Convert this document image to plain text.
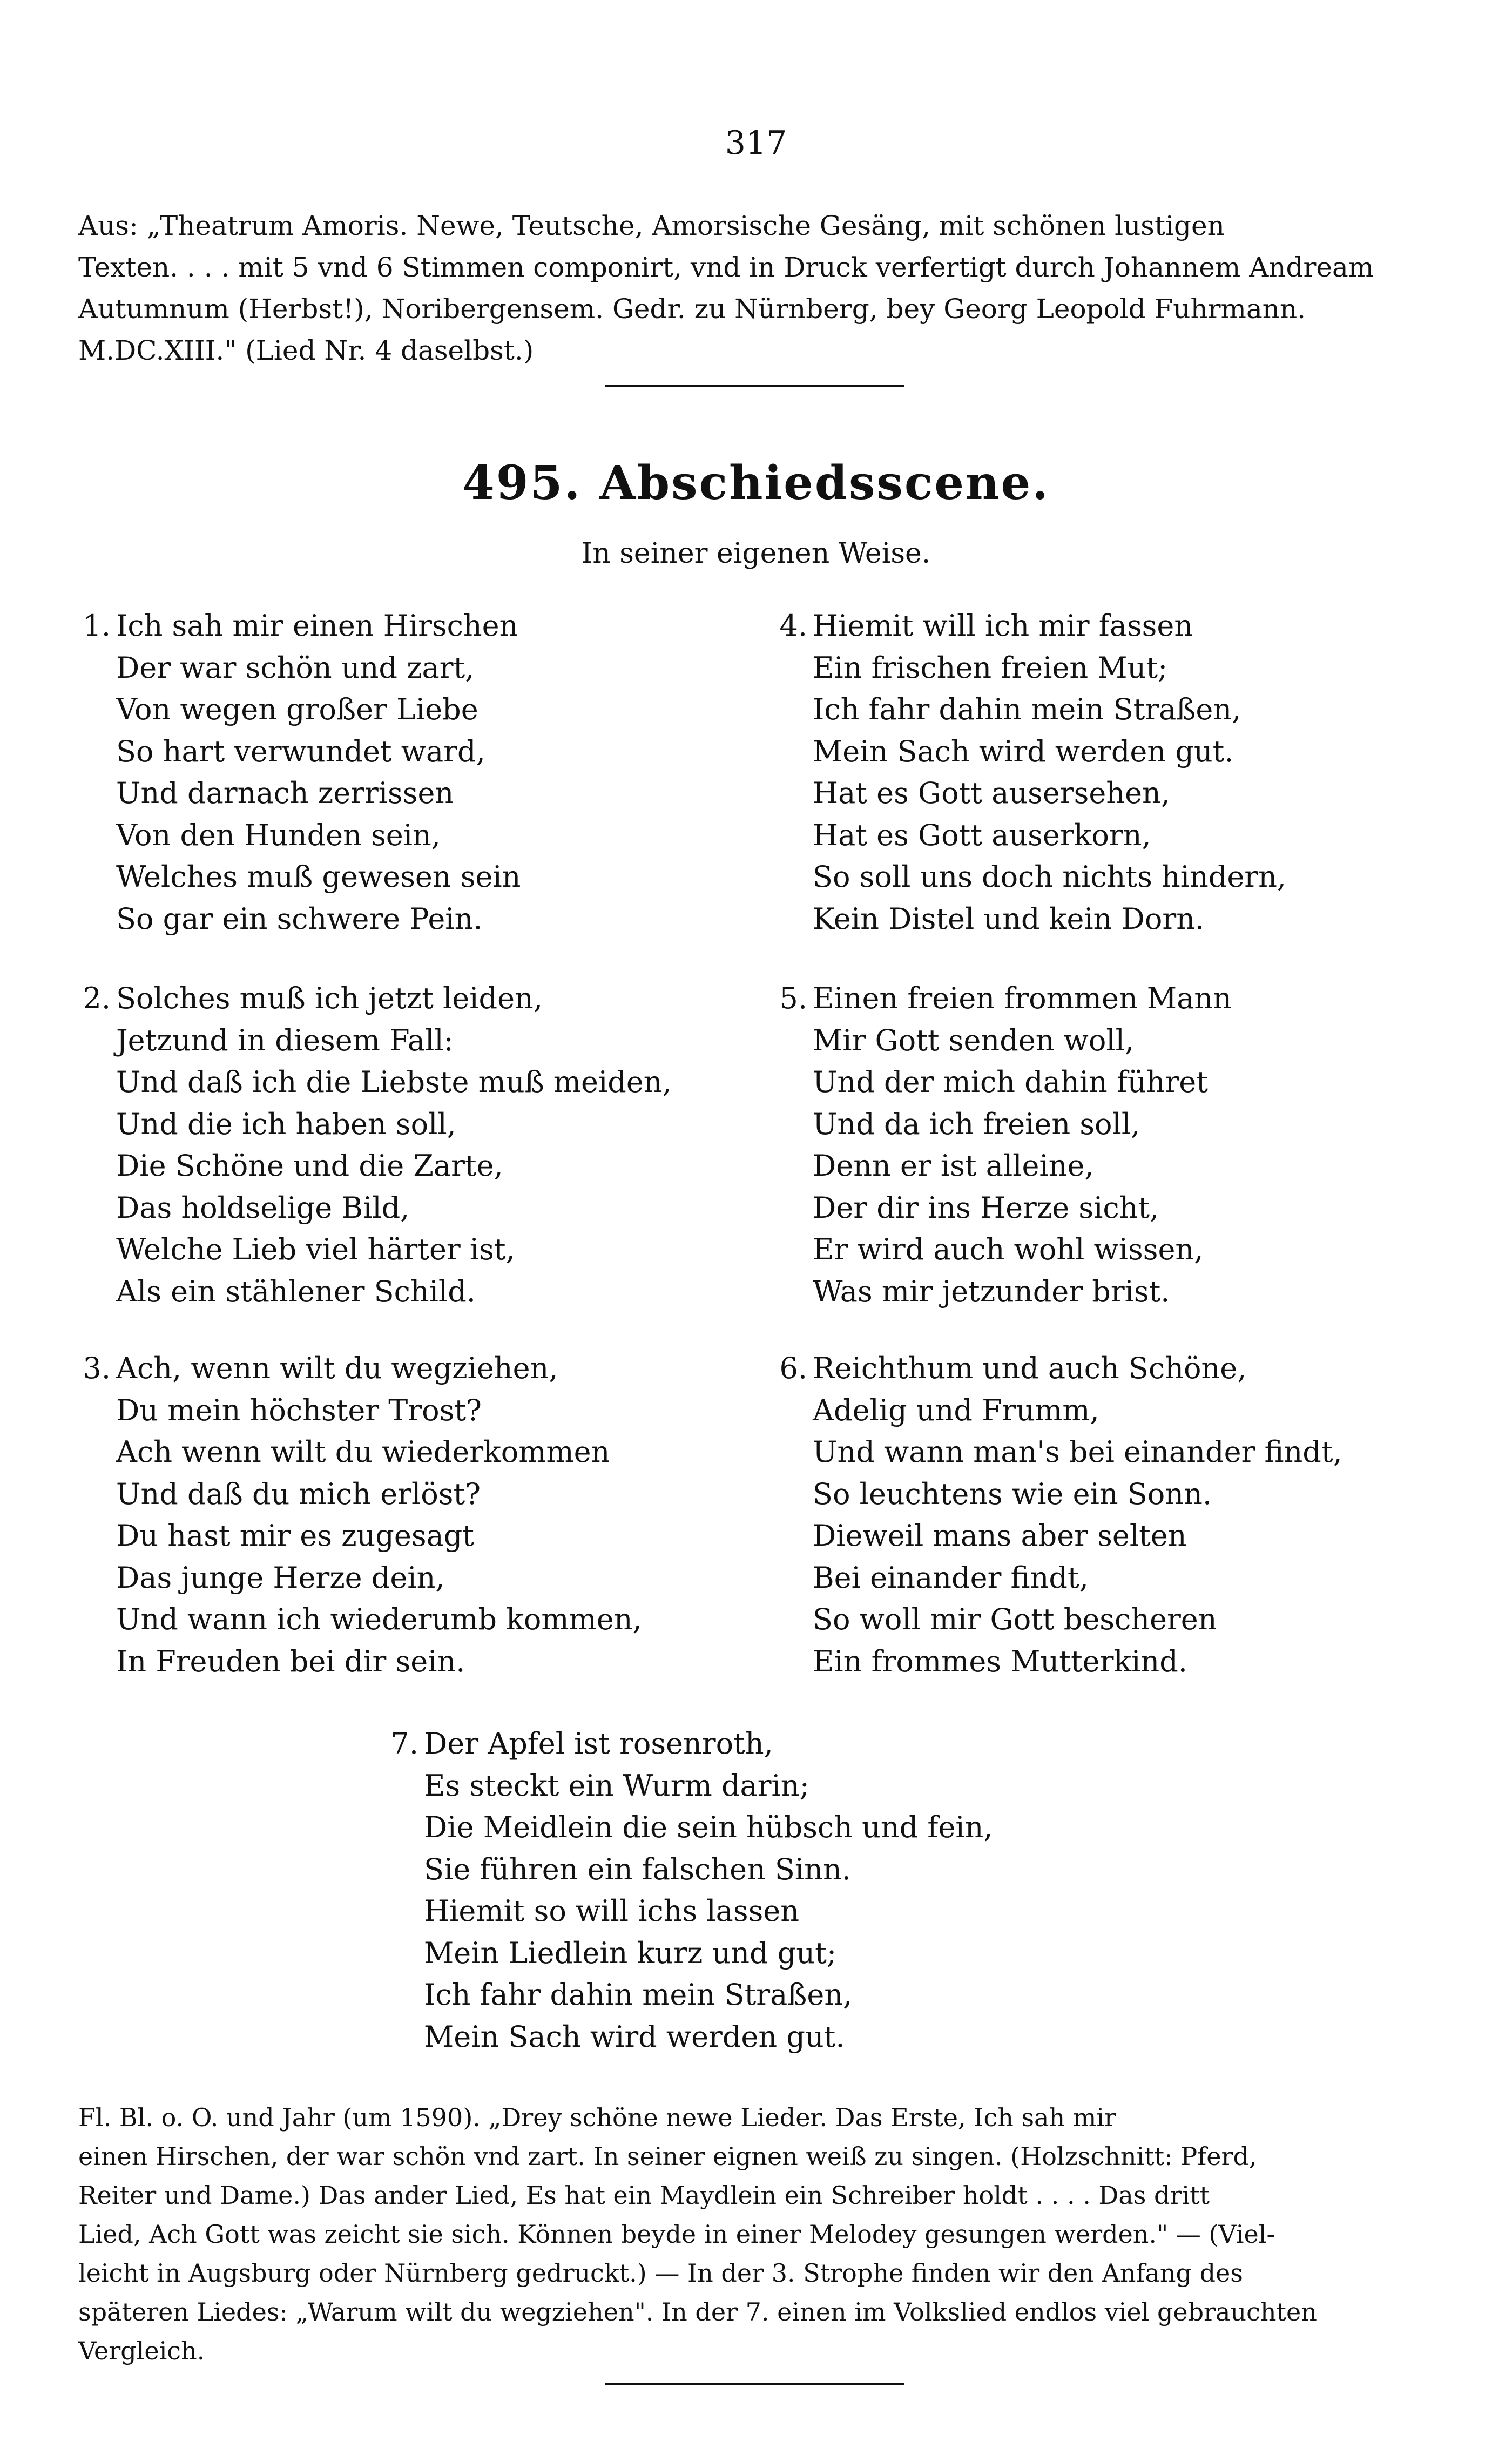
317
Aus: „Theatrum Amoris. Newe, Teutsche, Amorsische Gesäng, mit schönen lustigen
Texten. . . . mit 5 vnd 6 Stimmen componirt, vnd in Druck verfertigt durch Johannem Andream
Autumnum (Herbst!), Noribergensem. Gedr. zu Nürnberg, bey Georg Leopold Fuhrmann.
M.DC.XIII." (Lied Nr. 4 daselbst.)
495. Abschiedsscene.
In seiner eigenen Weise.
1. Ich sah mir einen Hirschen
Der war schön und zart,
Von wegen großer Liebe
So hart verwundet ward,
Und darnach zerrissen
Von den Hunden sein,
Welches muß gewesen sein
So gar ein schwere Pein.
2. Solches muß ich jetzt leiden,
Jetzund in diesem Fall:
Und daß ich die Liebste muß meiden,
Und die ich haben soll,
Die Schöne und die Zarte,
Das holdselige Bild,
Welche Lieb viel härter ist,
Als ein stählener Schild.
3. Ach, wenn wilt du wegziehen,
Du mein höchster Trost?
Ach wenn wilt du wiederkommen
Und daß du mich erlöst?
Du hast mir es zugesagt
Das junge Herze dein,
Und wann ich wiederumb kommen,
In Freuden bei dir sein.
4. Hiemit will ich mir fassen
Ein frischen freien Mut;
Ich fahr dahin mein Straßen,
Mein Sach wird werden gut.
Hat es Gott ausersehen,
Hat es Gott auserkorn,
So soll uns doch nichts hindern,
Kein Distel und kein Dorn.
5. Einen freien frommen Mann
Mir Gott senden woll,
Und der mich dahin führet
Und da ich freien soll,
Denn er ist alleine,
Der dir ins Herze sicht,
Er wird auch wohl wissen,
Was mir jetzunder brist.
6. Reichthum und auch Schöne,
Adelig und Frumm,
Und wann man's bei einander findt,
So leuchtens wie ein Sonn.
Dieweil mans aber selten
Bei einander findt,
So woll mir Gott bescheren
Ein frommes Mutterkind.
7. Der Apfel ist rosenroth,
Es steckt ein Wurm darin;
Die Meidlein die sein hübsch und fein,
Sie führen ein falschen Sinn.
Hiemit so will ichs lassen
Mein Liedlein kurz und gut;
Ich fahr dahin mein Straßen,
Mein Sach wird werden gut.
Fl. Bl. o. O. und Jahr (um 1590). „Drey schöne newe Lieder. Das Erste, Ich sah mir
einen Hirschen, der war schön vnd zart. In seiner eignen weiß zu singen. (Holzschnitt: Pferd,
Reiter und Dame.) Das ander Lied, Es hat ein Maydlein ein Schreiber holdt . . . . Das dritt
Lied, Ach Gott was zeicht sie sich. Können beyde in einer Melodey gesungen werden." — (Viel-
leicht in Augsburg oder Nürnberg gedruckt.) — In der 3. Strophe finden wir den Anfang des
späteren Liedes: „Warum wilt du wegziehen". In der 7. einen im Volkslied endlos viel gebrauchten
Vergleich.
